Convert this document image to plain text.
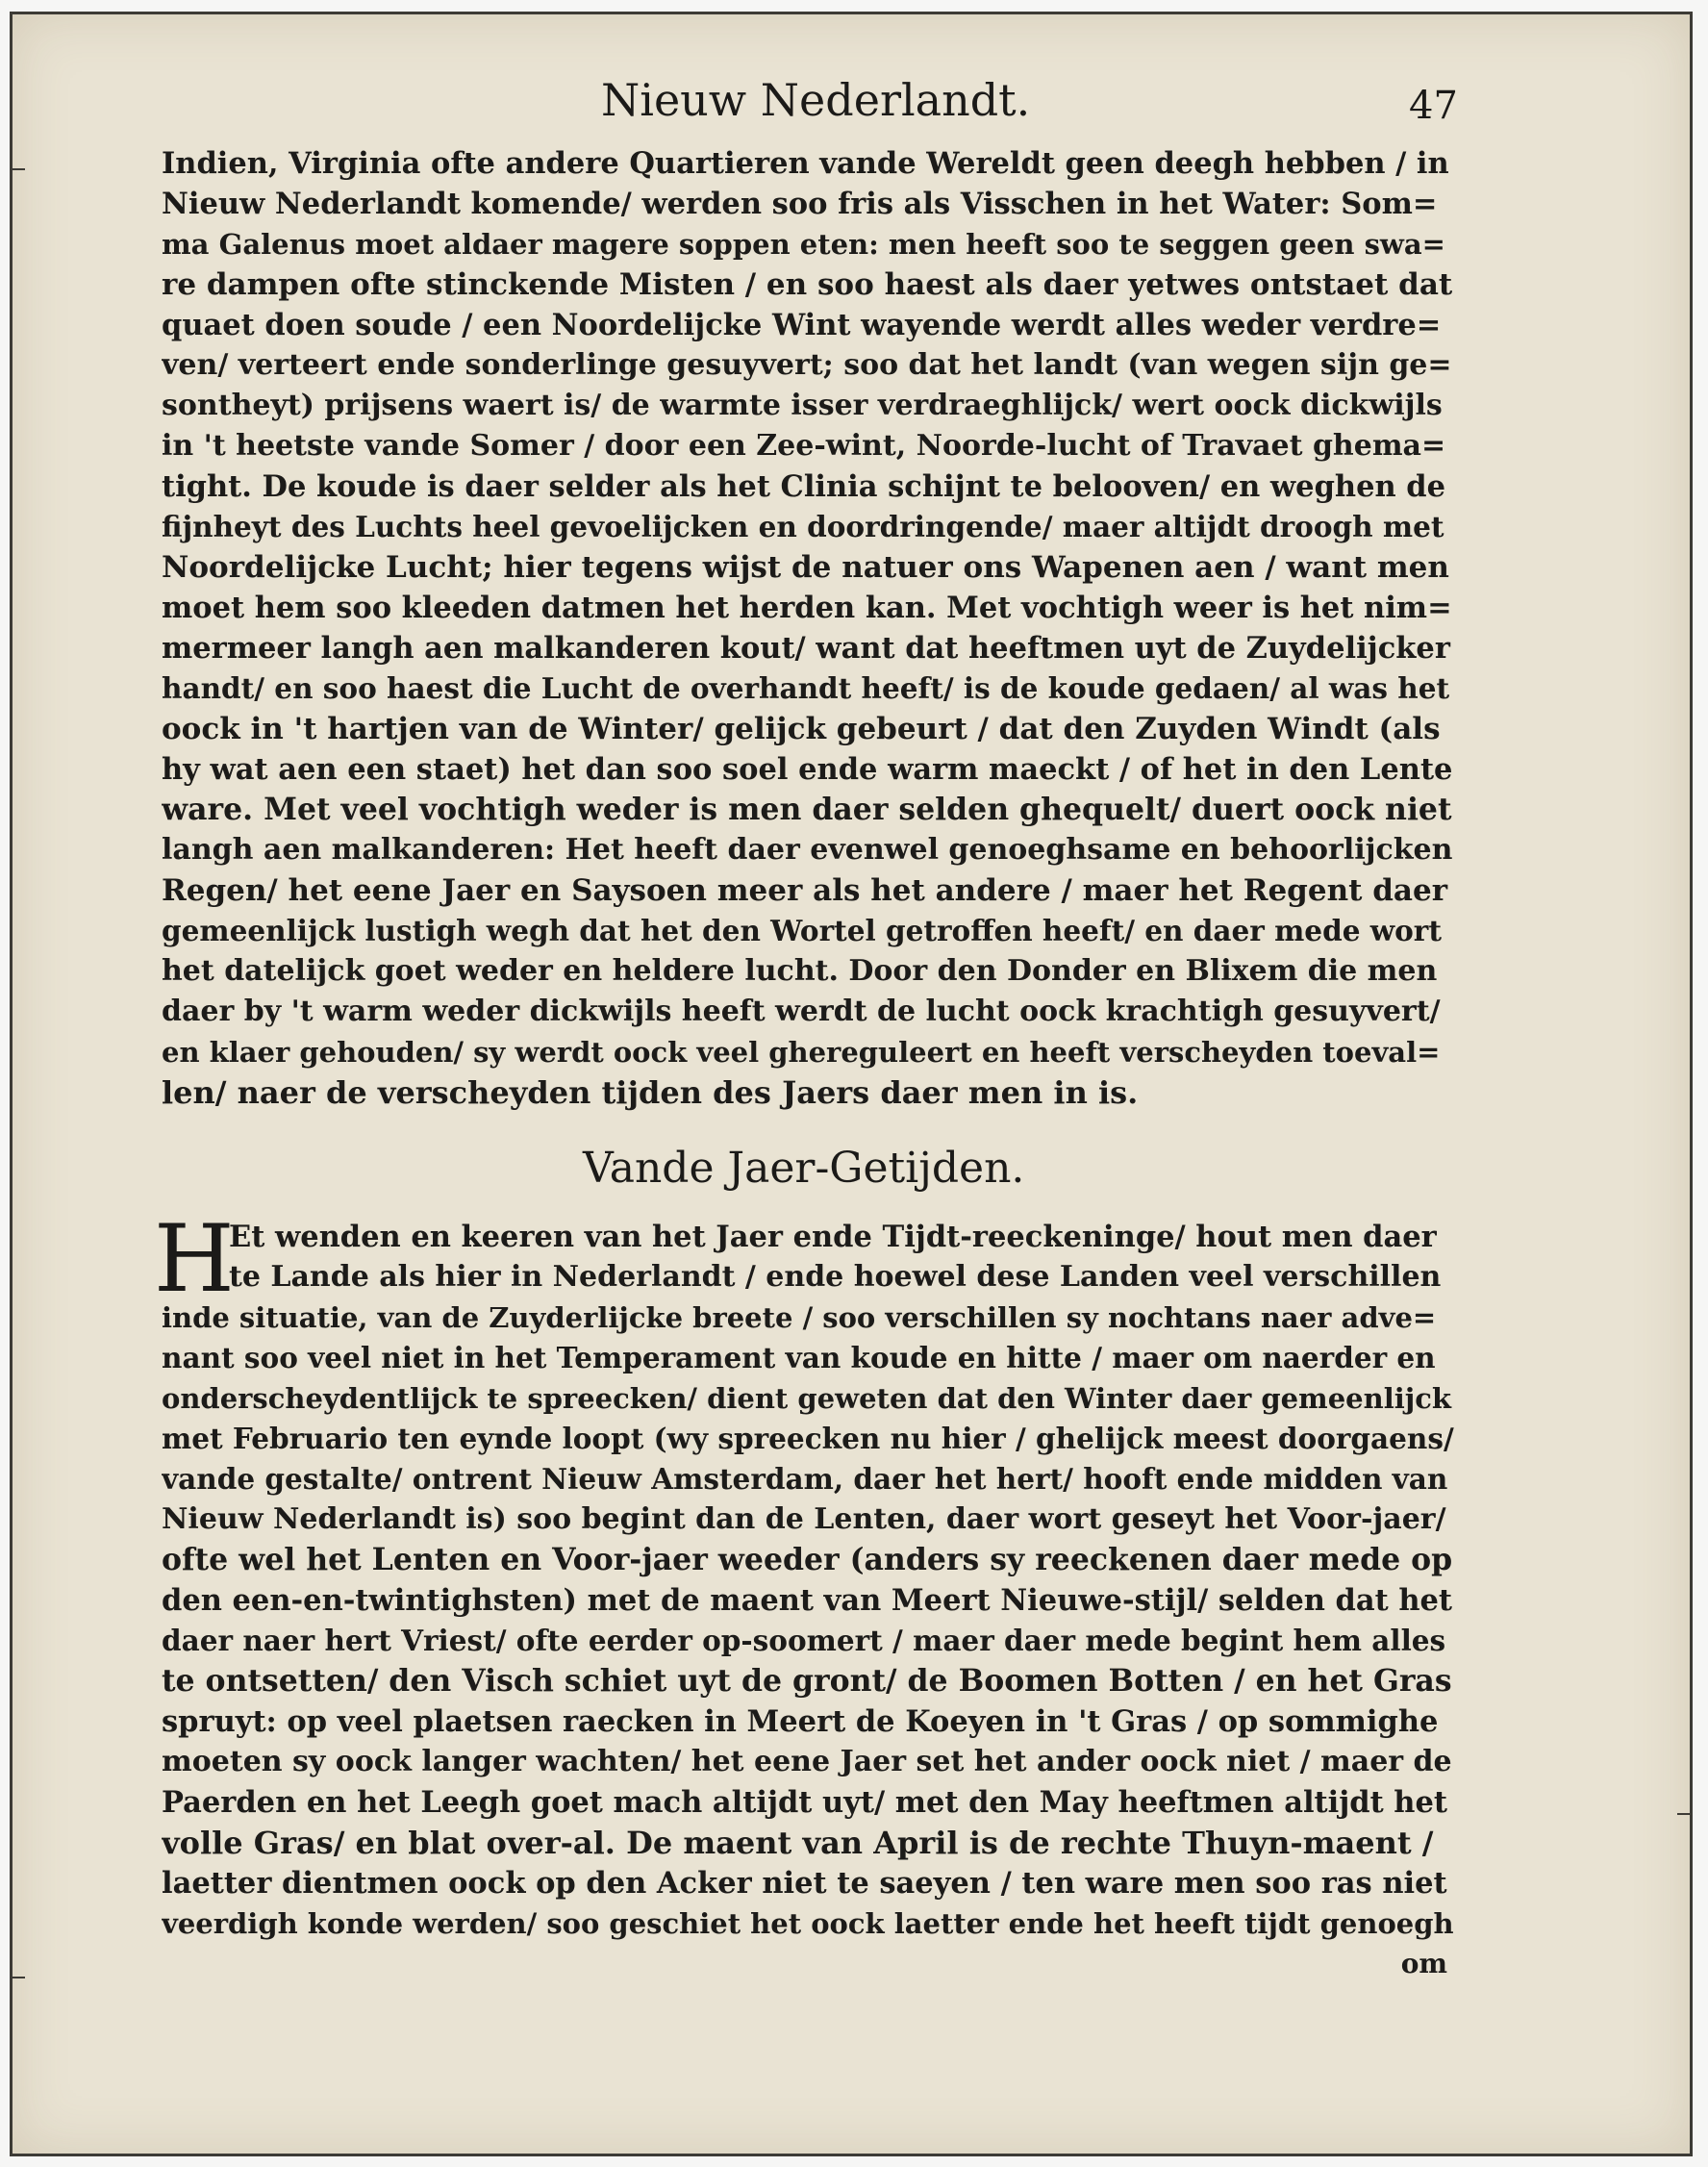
Nieuw Nederlandt.	47
Indien, Virginia ofte andere Quartieren vande Wereldt geen deegh hebben / in
Nieuw Nederlandt komende/ werden soo fris als Visschen in het Water: Som=
ma Galenus moet aldaer magere soppen eten: men heeft soo te seggen geen swa=
re dampen ofte stinckende Misten / en soo haest als daer yetwes ontstaet dat
quaet doen soude / een Noordelijcke Wint wayende werdt alles weder verdre=
ven/ verteert ende sonderlinge gesuyvert; soo dat het landt (van wegen sijn ge=
sontheyt) prijsens waert is/ de warmte isser verdraeghlijck/ wert oock dickwijls
in 't heetste vande Somer / door een Zee-wint, Noorde-lucht of Travaet ghema=
tight. De koude is daer selder als het Clinia schijnt te belooven/ en weghen de
fijnheyt des Luchts heel gevoelijcken en doordringende/ maer altijdt droogh met
Noordelijcke Lucht; hier tegens wijst de natuer ons Wapenen aen / want men
moet hem soo kleeden datmen het herden kan. Met vochtigh weer is het nim=
mermeer langh aen malkanderen kout/ want dat heeftmen uyt de Zuydelijcker
handt/ en soo haest die Lucht de overhandt heeft/ is de koude gedaen/ al was het
oock in 't hartjen van de Winter/ gelijck gebeurt / dat den Zuyden Windt (als
hy wat aen een staet) het dan soo soel ende warm maeckt / of het in den Lente
ware. Met veel vochtigh weder is men daer selden ghequelt/ duert oock niet
langh aen malkanderen: Het heeft daer evenwel genoeghsame en behoorlijcken
Regen/ het eene Jaer en Saysoen meer als het andere / maer het Regent daer
gemeenlijck lustigh wegh dat het den Wortel getroffen heeft/ en daer mede wort
het datelijck goet weder en heldere lucht. Door den Donder en Blixem die men
daer by 't warm weder dickwijls heeft werdt de lucht oock krachtigh gesuyvert/
en klaer gehouden/ sy werdt oock veel ghereguleert en heeft verscheyden toeval=
len/ naer de verscheyden tijden des Jaers daer men in is.
Vande Jaer-Getijden.
H
Et wenden en keeren van het Jaer ende Tijdt-reeckeninge/ hout men daer
te Lande als hier in Nederlandt / ende hoewel dese Landen veel verschillen
inde situatie, van de Zuyderlijcke breete / soo verschillen sy nochtans naer adve=
nant soo veel niet in het Temperament van koude en hitte / maer om naerder en
onderscheydentlijck te spreecken/ dient geweten dat den Winter daer gemeenlijck
met Februario ten eynde loopt (wy spreecken nu hier / ghelijck meest doorgaens/
vande gestalte/ ontrent Nieuw Amsterdam, daer het hert/ hooft ende midden van
Nieuw Nederlandt is) soo begint dan de Lenten, daer wort geseyt het Voor-jaer/
ofte wel het Lenten en Voor-jaer weeder (anders sy reeckenen daer mede op
den een-en-twintighsten) met de maent van Meert Nieuwe-stijl/ selden dat het
daer naer hert Vriest/ ofte eerder op-soomert / maer daer mede begint hem alles
te ontsetten/ den Visch schiet uyt de gront/ de Boomen Botten / en het Gras
spruyt: op veel plaetsen raecken in Meert de Koeyen in 't Gras / op sommighe
moeten sy oock langer wachten/ het eene Jaer set het ander oock niet / maer de
Paerden en het Leegh goet mach altijdt uyt/ met den May heeftmen altijdt het
volle Gras/ en blat over-al. De maent van April is de rechte Thuyn-maent /
laetter dientmen oock op den Acker niet te saeyen / ten ware men soo ras niet
veerdigh konde werden/ soo geschiet het oock laetter ende het heeft tijdt genoegh
om
